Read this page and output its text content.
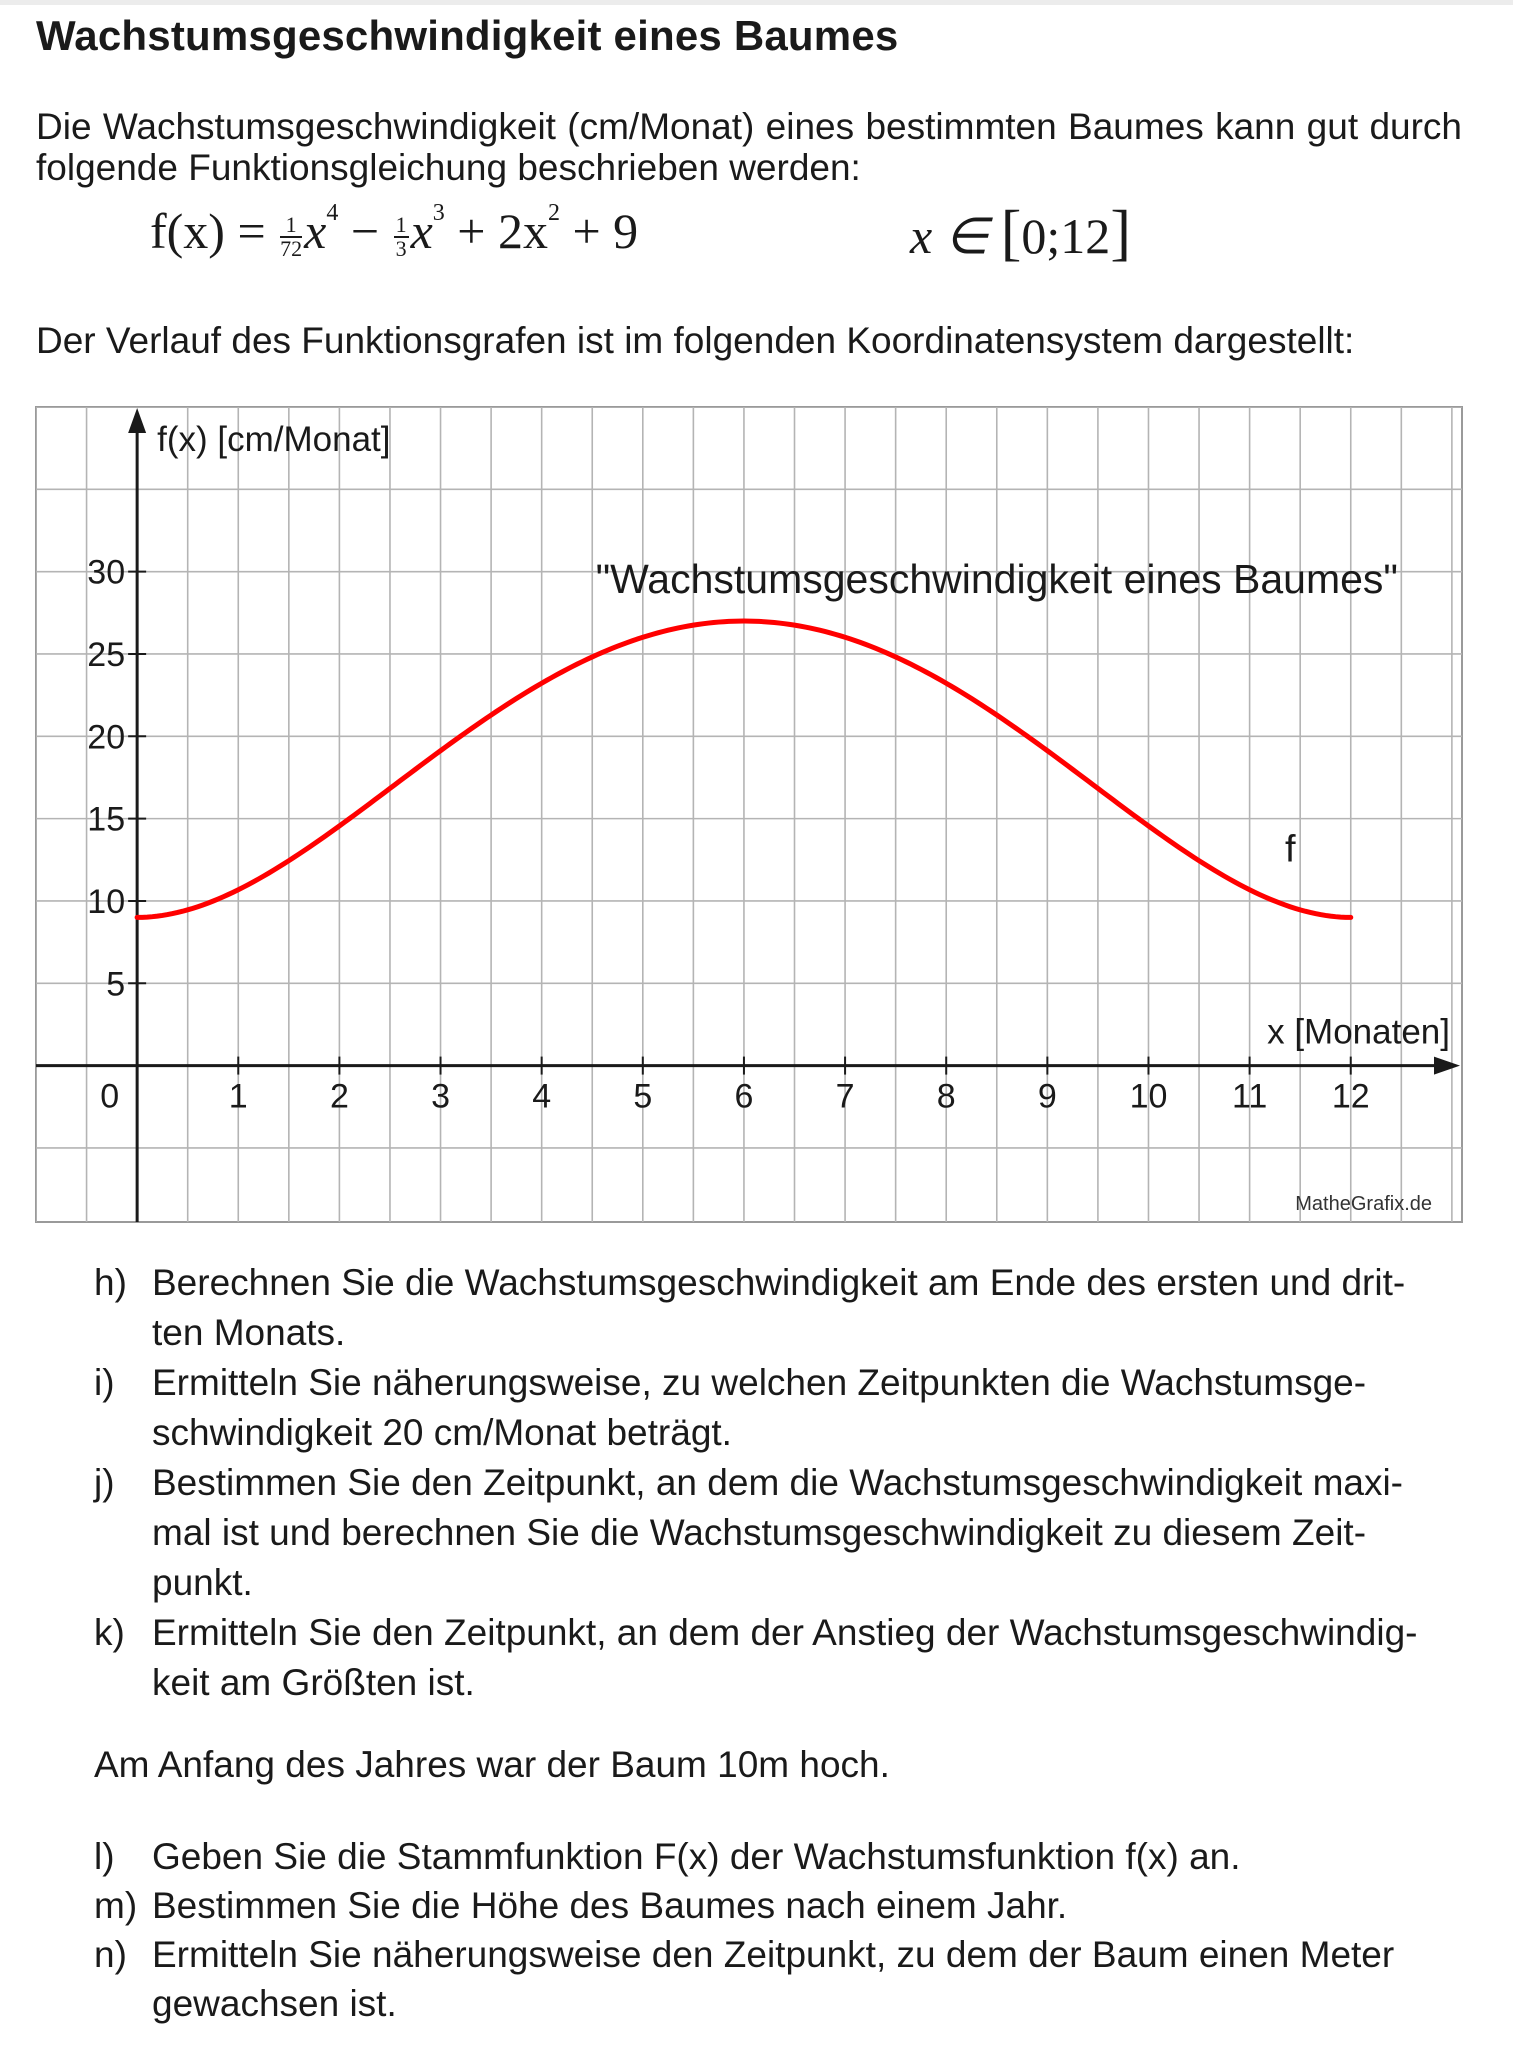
Wachstumsgeschwindigkeit eines Baumes
Die Wachstumsgeschwindigkeit (cm/Monat) eines bestimmten Baumes kann gut durch folgende Funktionsgleichung beschrieben werden:
$f(x) = \frac{1}{72} x^4 - \frac{1}{3} x^3 + 2x^2 + 9$	x ∈ [0;12]
Der Verlauf des Funktionsgrafen ist im folgenden Koordinatensystem dargestellt:
1 2 3 4 5 6 7 8 9 10 11 12
5
10
15
20
25
30
0
f(x) [cm/Monat]
x [Monaten]
"Wachstumsgeschwindigkeit eines Baumes"
MatheGrafix.de
f
h) Berechnen Sie die Wachstumsgeschwindigkeit am Ende des ersten und drit-
ten Monats.
i)	Ermitteln Sie näherungsweise, zu welchen Zeitpunkten die Wachstumsge-
schwindigkeit 20 cm/Monat beträgt.
j)	Bestimmen Sie den Zeitpunkt, an dem die Wachstumsgeschwindigkeit maxi-
mal ist und berechnen Sie die Wachstumsgeschwindigkeit zu diesem Zeit-
punkt.
k) Ermitteln Sie den Zeitpunkt, an dem der Anstieg der Wachstumsgeschwindig-
keit am Größten ist.
Am Anfang des Jahres war der Baum 10m hoch.
l)	Geben Sie die Stammfunktion F(x) der Wachstumsfunktion f(x) an.
m) Bestimmen Sie die Höhe des Baumes nach einem Jahr.
n) Ermitteln Sie näherungsweise den Zeitpunkt, zu dem der Baum einen Meter
gewachsen ist.
